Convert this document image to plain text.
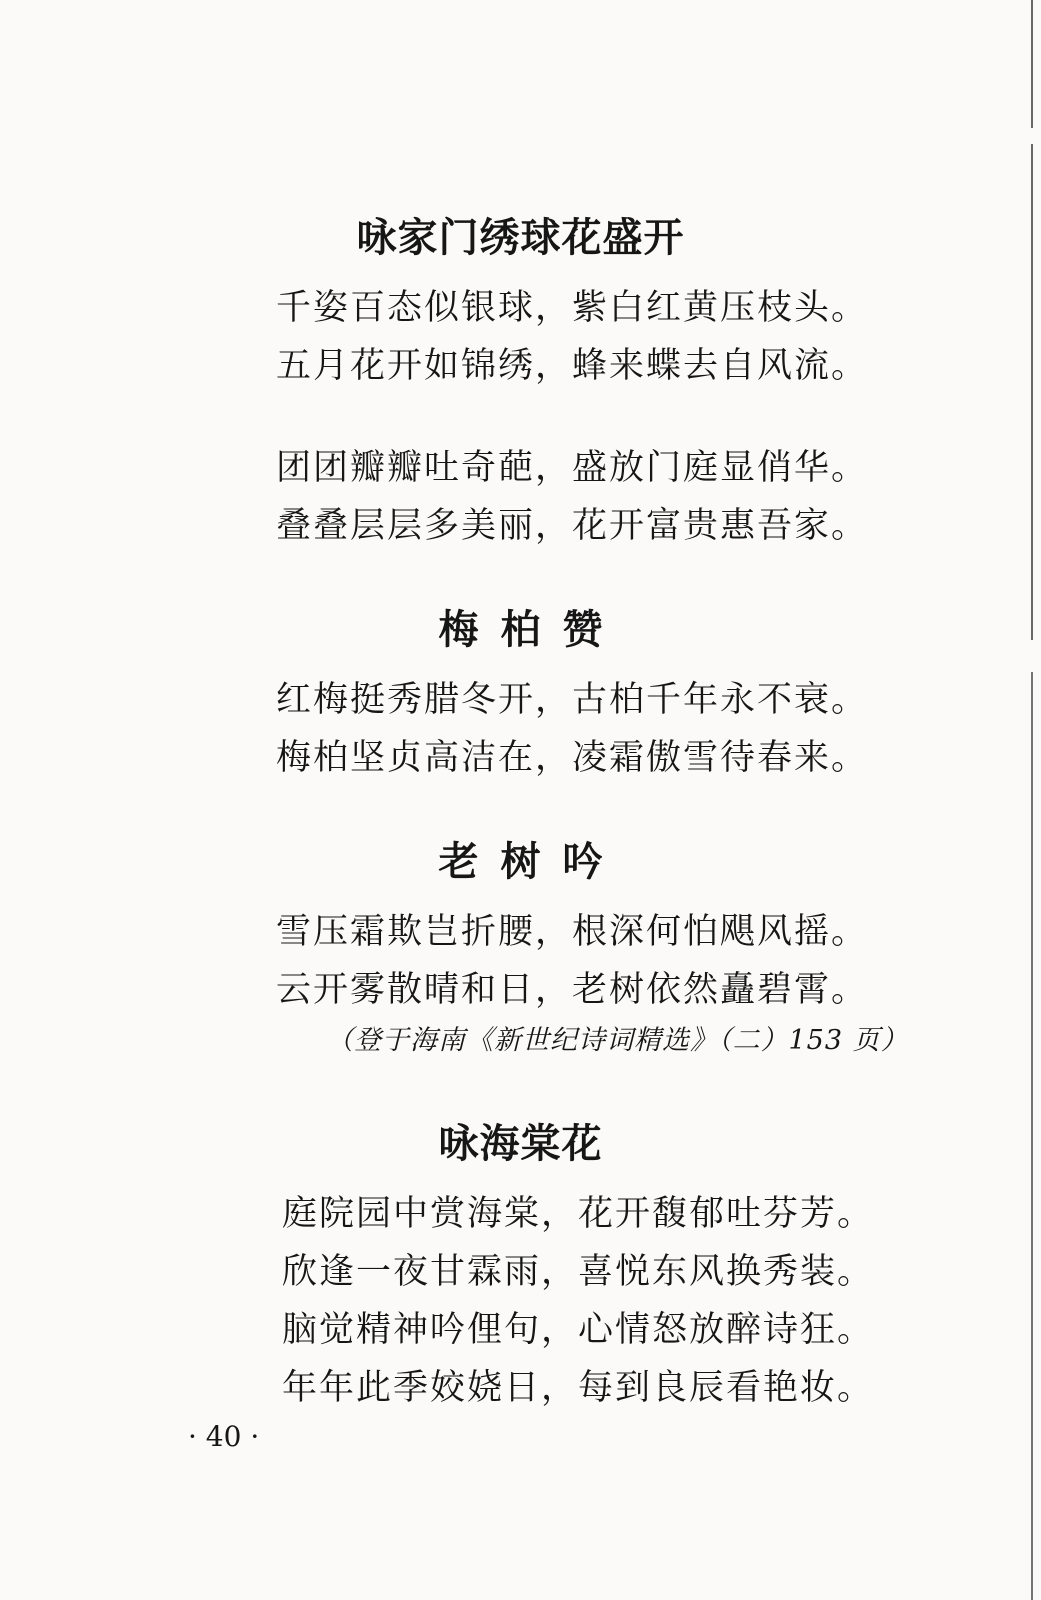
咏家门绣球花盛开
千姿百态似银球，紫白红黄压枝头。
五月花开如锦绣，蜂来蝶去自风流。
团团瓣瓣吐奇葩，盛放门庭显俏华。
叠叠层层多美丽，花开富贵惠吾家。
梅柏赞
红梅挺秀腊冬开，古柏千年永不衰。
梅柏坚贞高洁在，凌霜傲雪待春来。
老树吟
雪压霜欺岂折腰，根深何怕飓风摇。
云开雾散晴和日，老树依然矗碧霄。
（登于海南《新世纪诗词精选》（二）153 页）
咏海棠花
庭院园中赏海棠，花开馥郁吐芬芳。
欣逢一夜甘霖雨，喜悦东风换秀装。
脑觉精神吟俚句，心情怒放醉诗狂。
年年此季姣娆日，每到良辰看艳妆。
· 40 ·
